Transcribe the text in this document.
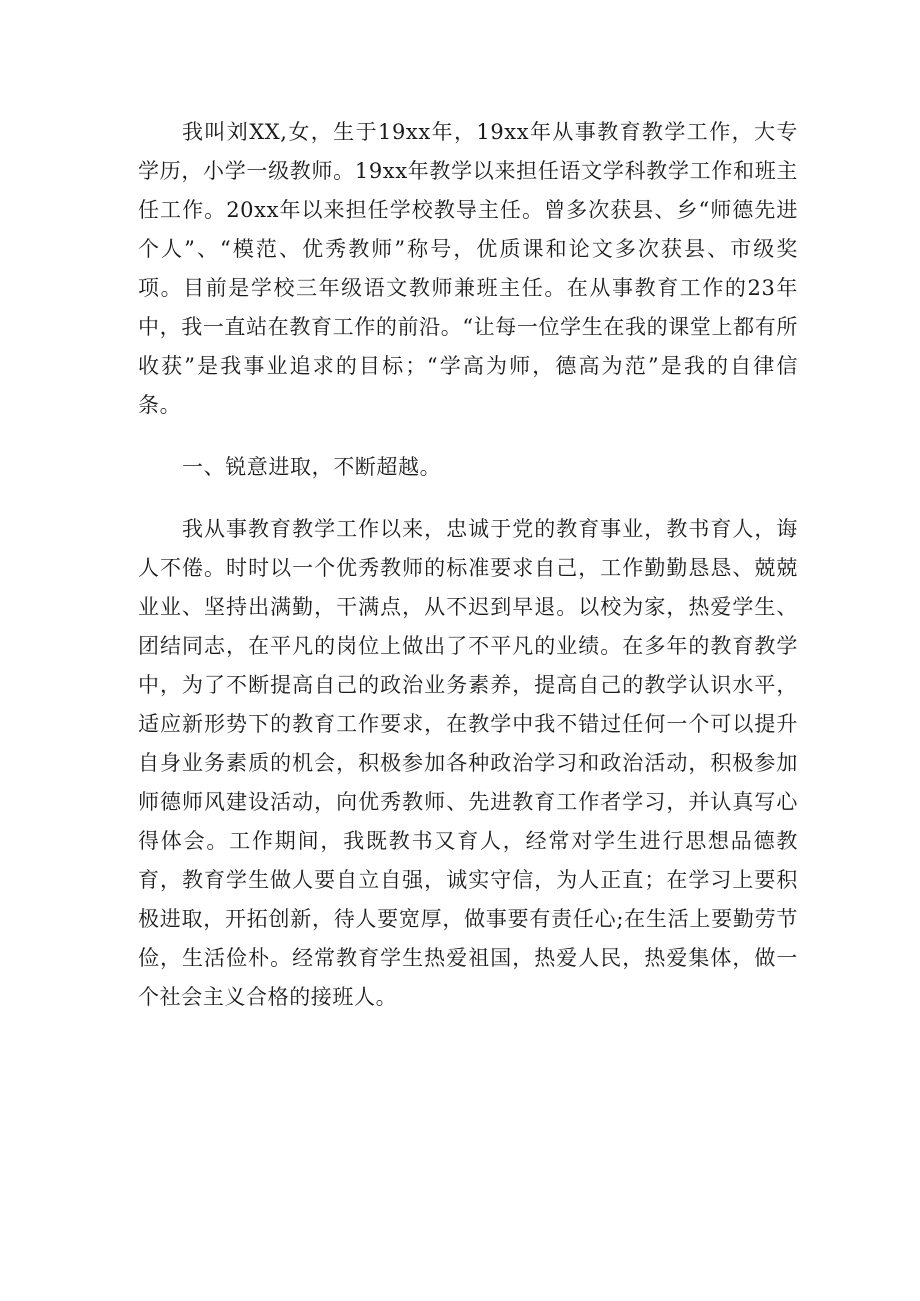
我叫刘XX,女，生于19xx年，19xx年从事教育教学工作，大专学历，小学一级教师。19xx年教学以来担任语文学科教学工作和班主任工作。20xx年以来担任学校教导主任。曾多次获县、乡“师德先进个人”、“模范、优秀教师”称号，优质课和论文多次获县、市级奖项。目前是学校三年级语文教师兼班主任。在从事教育工作的23年中，我一直站在教育工作的前沿。“让每一位学生在我的课堂上都有所收获”是我事业追求的目标；“学高为师，德高为范”是我的自律信条。

一、锐意进取，不断超越。

我从事教育教学工作以来，忠诚于党的教育事业，教书育人，诲人不倦。时时以一个优秀教师的标准要求自己，工作勤勤恳恳、兢兢业业、坚持出满勤，干满点，从不迟到早退。以校为家，热爱学生、团结同志，在平凡的岗位上做出了不平凡的业绩。在多年的教育教学中，为了不断提高自己的政治业务素养，提高自己的教学认识水平，适应新形势下的教育工作要求，在教学中我不错过任何一个可以提升自身业务素质的机会，积极参加各种政治学习和政治活动，积极参加师德师风建设活动，向优秀教师、先进教育工作者学习，并认真写心得体会。工作期间，我既教书又育人，经常对学生进行思想品德教育，教育学生做人要自立自强，诚实守信，为人正直；在学习上要积极进取，开拓创新，待人要宽厚，做事要有责任心;在生活上要勤劳节俭，生活俭朴。经常教育学生热爱祖国，热爱人民，热爱集体，做一个社会主义合格的接班人。
